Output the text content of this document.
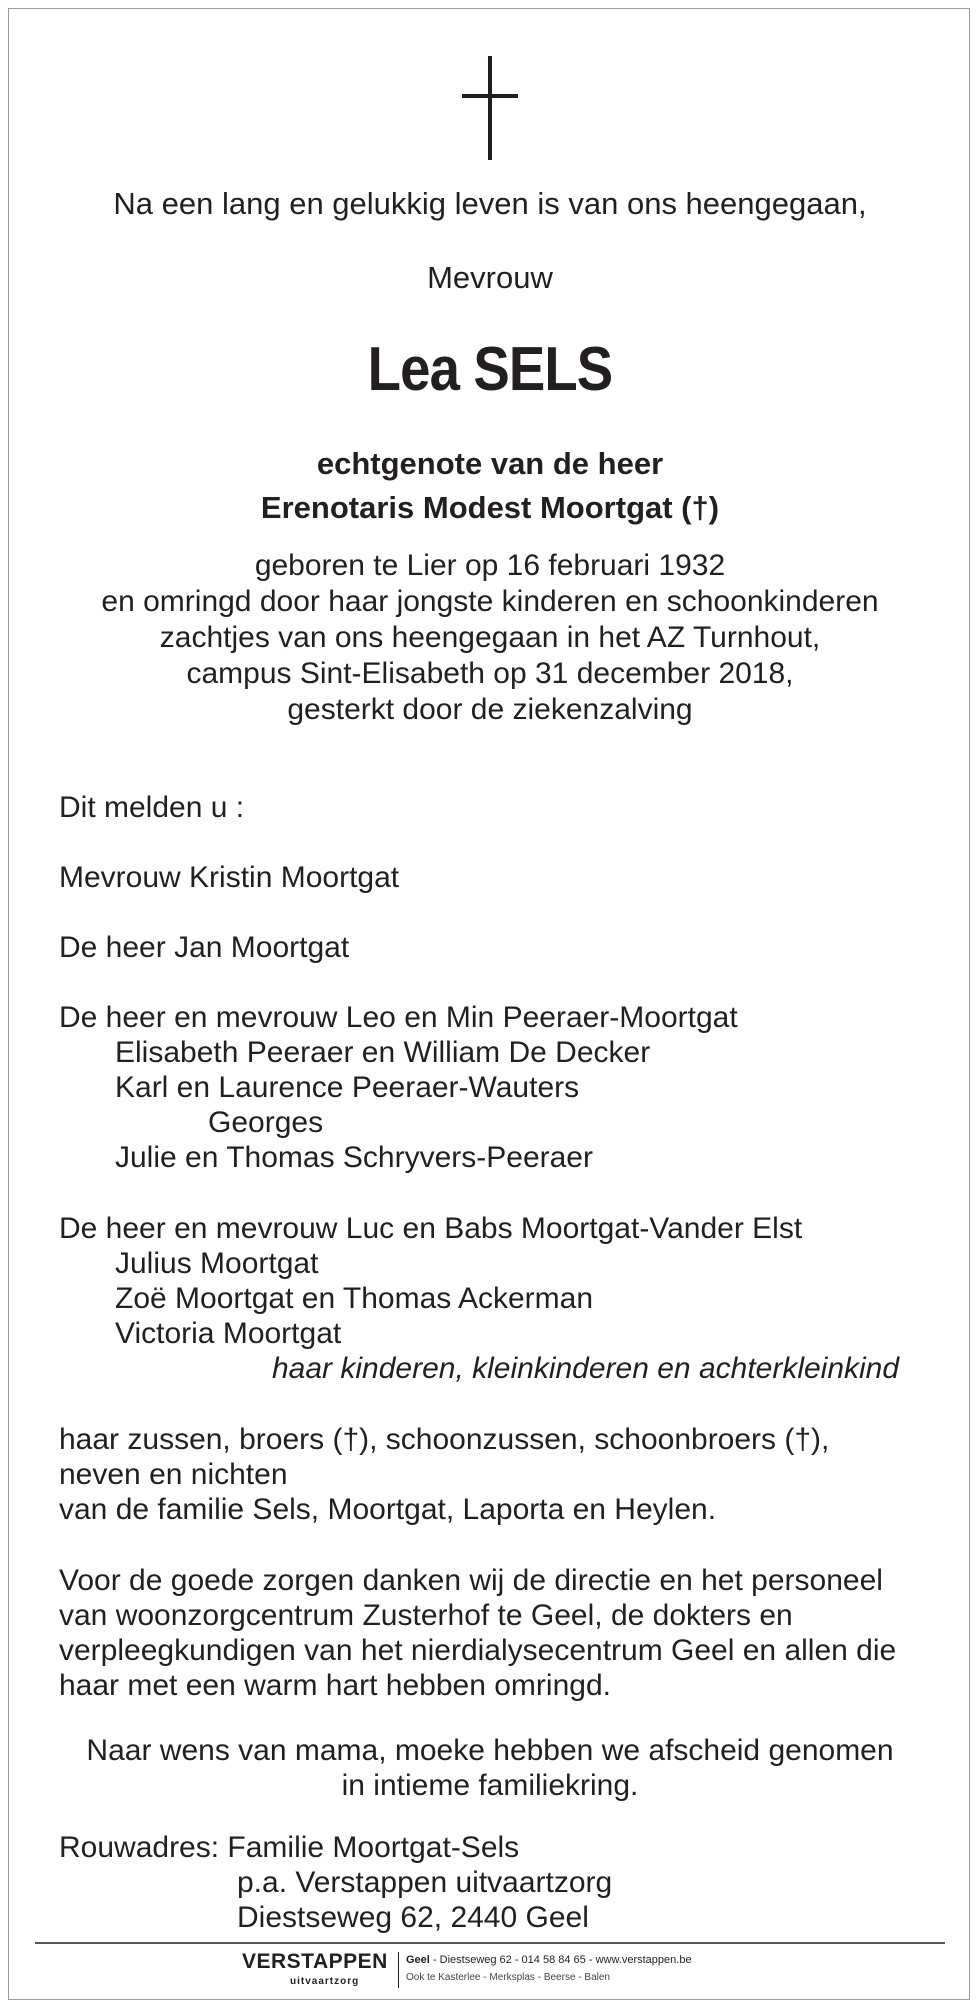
Na een lang en gelukkig leven is van ons heengegaan,
Mevrouw
Lea SELS
echtgenote van de heer
Erenotaris Modest Moortgat (†)
geboren te Lier op 16 februari 1932
en omringd door haar jongste kinderen en schoonkinderen
zachtjes van ons heengegaan in het AZ Turnhout,
campus Sint-Elisabeth op 31 december 2018,
gesterkt door de ziekenzalving
Dit melden u :
Mevrouw Kristin Moortgat
De heer Jan Moortgat
De heer en mevrouw Leo en Min Peeraer-Moortgat
Elisabeth Peeraer en William De Decker
Karl en Laurence Peeraer-Wauters
Georges
Julie en Thomas Schryvers-Peeraer
De heer en mevrouw Luc en Babs Moortgat-Vander Elst
Julius Moortgat
Zoë Moortgat en Thomas Ackerman
Victoria Moortgat
haar kinderen, kleinkinderen en achterkleinkind
haar zussen, broers (†), schoonzussen, schoonbroers (†),
neven en nichten
van de familie Sels, Moortgat, Laporta en Heylen.
Voor de goede zorgen danken wij de directie en het personeel
van woonzorgcentrum Zusterhof te Geel, de dokters en
verpleegkundigen van het nierdialysecentrum Geel en allen die
haar met een warm hart hebben omringd.
Naar wens van mama, moeke hebben we afscheid genomen
in intieme familiekring.
Rouwadres: Familie Moortgat-Sels
p.a. Verstappen uitvaartzorg
Diestseweg 62, 2440 Geel
VERSTAPPEN
uitvaartzorg
Geel - Diestseweg 62 - 014 58 84 65 - www.verstappen.be
Ook te Kasterlee - Merksplas - Beerse - Balen
